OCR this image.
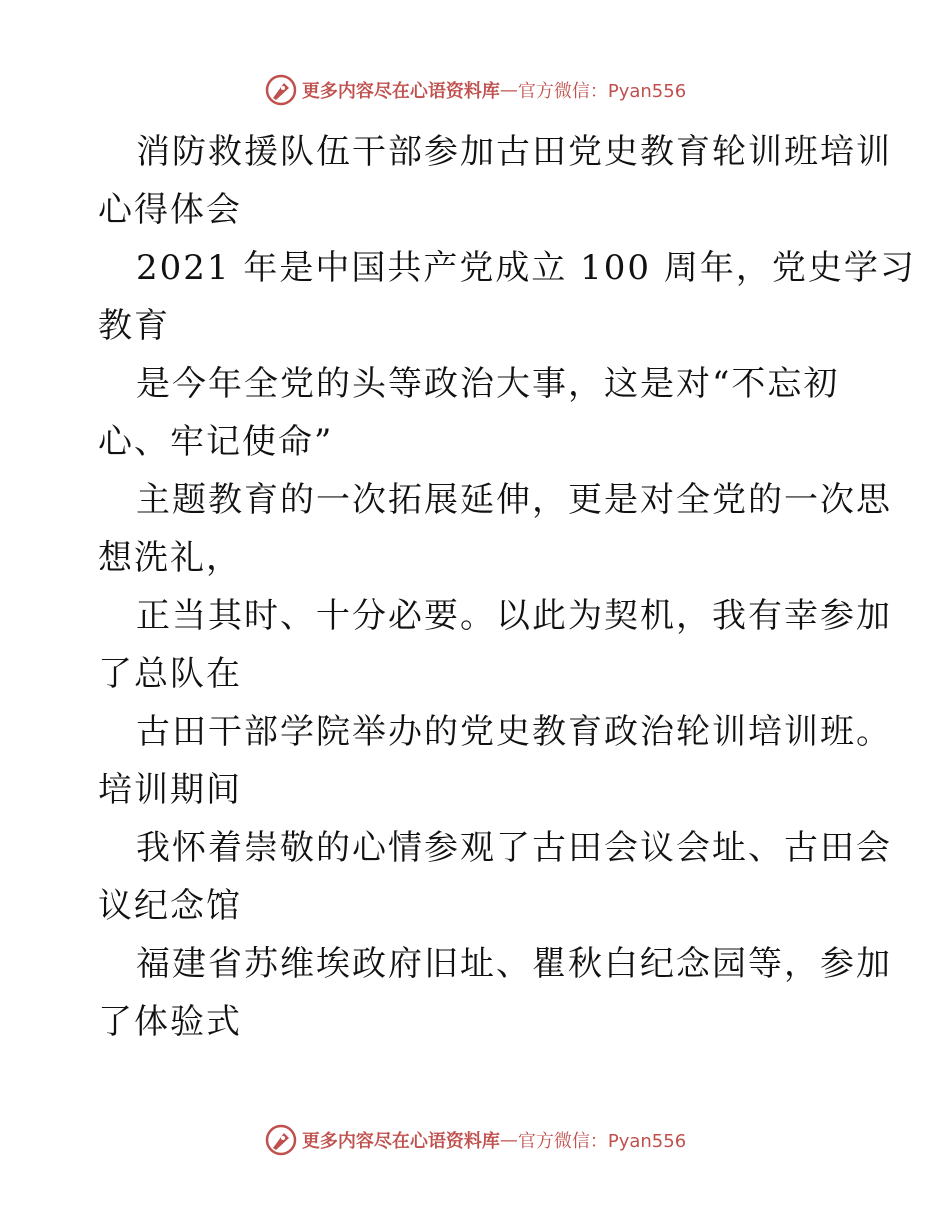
更多内容尽在心语资料库 — 官方微信：Pyan556
消防救援队伍干部参加古田党史教育轮训班培训
心得体会
2021 年是中国共产党成立 100 周年，党史学习
教育
是今年全党的头等政治大事，这是对“不忘初
心、牢记使命”
主题教育的一次拓展延伸，更是对全党的一次思
想洗礼，
正当其时、十分必要。以此为契机，我有幸参加
了总队在
古田干部学院举办的党史教育政治轮训培训班。
培训期间
我怀着崇敬的心情参观了古田会议会址、古田会
议纪念馆
福建省苏维埃政府旧址、瞿秋白纪念园等，参加
了体验式
更多内容尽在心语资料库 — 官方微信：Pyan556
